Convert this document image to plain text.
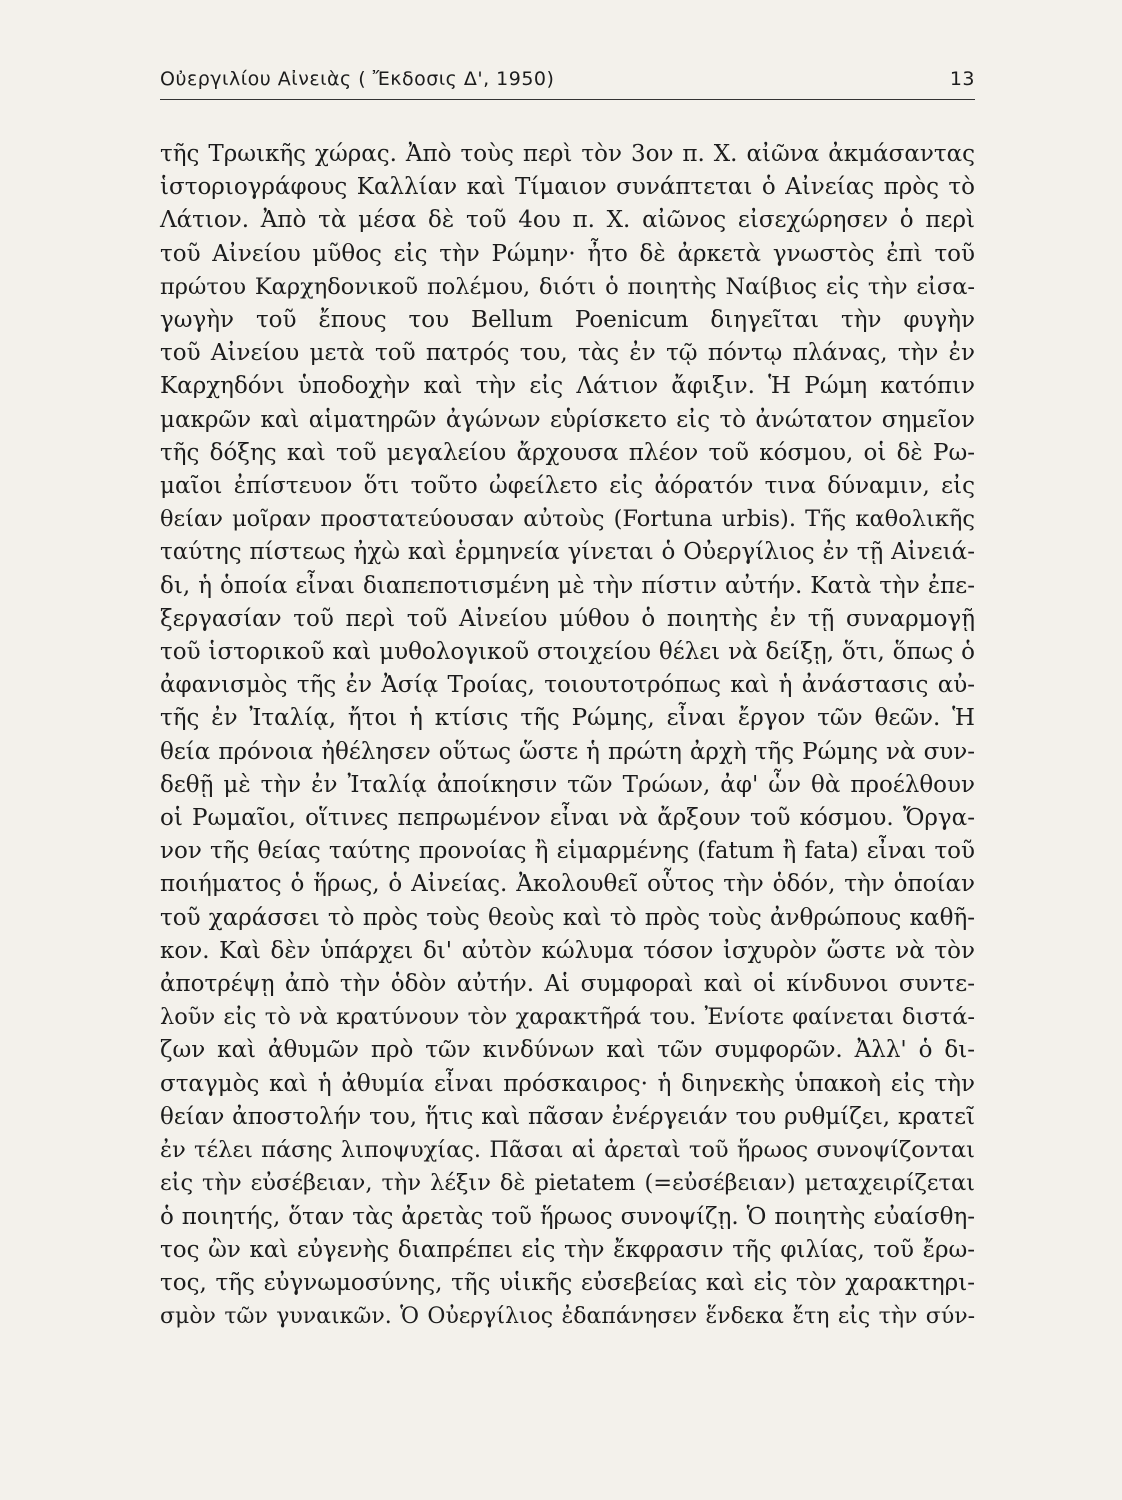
Οὐεργιλίου Αἰνειὰς ( Ἔκδοσις Δ', 1950)	13
τῆς Τρωικῆς χώρας. Ἀπὸ τοὺς περὶ τὸν 3ον π. Χ. αἰῶνα ἀκμάσαντας
ἱστοριογράφους Καλλίαν καὶ Τίμαιον συνάπτεται ὁ Αἰνείας πρὸς τὸ
Λάτιον. Ἀπὸ τὰ μέσα δὲ τοῦ 4ου π. Χ. αἰῶνος εἰσεχώρησεν ὁ περὶ
τοῦ Αἰνείου μῦθος εἰς τὴν Ρώμην· ἦτο δὲ ἀρκετὰ γνωστὸς ἐπὶ τοῦ
πρώτου Καρχηδονικοῦ πολέμου, διότι ὁ ποιητὴς Ναίβιος εἰς τὴν εἰσα-
γωγὴν τοῦ ἔπους του Bellum Poenicum διηγεῖται τὴν φυγὴν
τοῦ Αἰνείου μετὰ τοῦ πατρός του, τὰς ἐν τῷ πόντῳ πλάνας, τὴν ἐν
Καρχηδόνι ὑποδοχὴν καὶ τὴν εἰς Λάτιον ἄφιξιν. Ἡ Ρώμη κατόπιν
μακρῶν καὶ αἱματηρῶν ἀγώνων εὑρίσκετο εἰς τὸ ἀνώτατον σημεῖον
τῆς δόξης καὶ τοῦ μεγαλείου ἄρχουσα πλέον τοῦ κόσμου, οἱ δὲ Ρω-
μαῖοι ἐπίστευον ὅτι τοῦτο ὠφείλετο εἰς ἀόρατόν τινα δύναμιν, εἰς
θείαν μοῖραν προστατεύουσαν αὐτοὺς (Fortuna urbis). Τῆς καθολικῆς
ταύτης πίστεως ἠχὼ καὶ ἑρμηνεία γίνεται ὁ Οὐεργίλιος ἐν τῇ Αἰνειά-
δι, ἡ ὁποία εἶναι διαπεποτισμένη μὲ τὴν πίστιν αὐτήν. Κατὰ τὴν ἐπε-
ξεργασίαν τοῦ περὶ τοῦ Αἰνείου μύθου ὁ ποιητὴς ἐν τῇ συναρμογῇ
τοῦ ἱστορικοῦ καὶ μυθολογικοῦ στοιχείου θέλει νὰ δείξῃ, ὅτι, ὅπως ὁ
ἀφανισμὸς τῆς ἐν Ἀσίᾳ Τροίας, τοιουτοτρόπως καὶ ἡ ἀνάστασις αὐ-
τῆς ἐν Ἰταλίᾳ, ἤτοι ἡ κτίσις τῆς Ρώμης, εἶναι ἔργον τῶν θεῶν. Ἡ
θεία πρόνοια ἠθέλησεν οὕτως ὥστε ἡ πρώτη ἀρχὴ τῆς Ρώμης νὰ συν-
δεθῇ μὲ τὴν ἐν Ἰταλίᾳ ἀποίκησιν τῶν Τρώων, ἀφ' ὧν θὰ προέλθουν
οἱ Ρωμαῖοι, οἵτινες πεπρωμένον εἶναι νὰ ἄρξουν τοῦ κόσμου. Ὄργα-
νον τῆς θείας ταύτης προνοίας ἢ εἱμαρμένης (fatum ἢ fata) εἶναι τοῦ
ποιήματος ὁ ἥρως, ὁ Αἰνείας. Ἀκολουθεῖ οὗτος τὴν ὁδόν, τὴν ὁποίαν
τοῦ χαράσσει τὸ πρὸς τοὺς θεοὺς καὶ τὸ πρὸς τοὺς ἀνθρώπους καθῆ-
κον. Καὶ δὲν ὑπάρχει δι' αὐτὸν κώλυμα τόσον ἰσχυρὸν ὥστε νὰ τὸν
ἀποτρέψῃ ἀπὸ τὴν ὁδὸν αὐτήν. Αἱ συμφοραὶ καὶ οἱ κίνδυνοι συντε-
λοῦν εἰς τὸ νὰ κρατύνουν τὸν χαρακτῆρά του. Ἐνίοτε φαίνεται διστά-
ζων καὶ ἀθυμῶν πρὸ τῶν κινδύνων καὶ τῶν συμφορῶν. Ἀλλ' ὁ δι-
σταγμὸς καὶ ἡ ἀθυμία εἶναι πρόσκαιρος· ἡ διηνεκὴς ὑπακοὴ εἰς τὴν
θείαν ἀποστολήν του, ἥτις καὶ πᾶσαν ἐνέργειάν του ρυθμίζει, κρατεῖ
ἐν τέλει πάσης λιποψυχίας. Πᾶσαι αἱ ἀρεταὶ τοῦ ἥρωος συνοψίζονται
εἰς τὴν εὐσέβειαν, τὴν λέξιν δὲ pietatem (=εὐσέβειαν) μεταχειρίζεται
ὁ ποιητής, ὅταν τὰς ἀρετὰς τοῦ ἥρωος συνοψίζῃ. Ὁ ποιητὴς εὐαίσθη-
τος ὢν καὶ εὐγενὴς διαπρέπει εἰς τὴν ἔκφρασιν τῆς φιλίας, τοῦ ἔρω-
τος, τῆς εὐγνωμοσύνης, τῆς υἱικῆς εὐσεβείας καὶ εἰς τὸν χαρακτηρι-
σμὸν τῶν γυναικῶν. Ὁ Οὐεργίλιος ἐδαπάνησεν ἕνδεκα ἔτη εἰς τὴν σύν-
